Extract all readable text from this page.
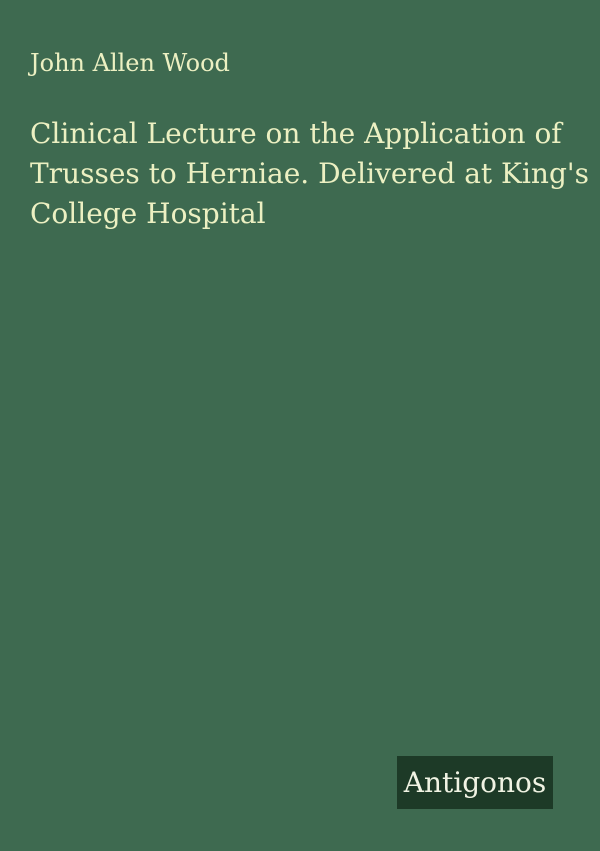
John Allen Wood
Clinical Lecture on the Application of
Trusses to Herniae. Delivered at King's
College Hospital
Antigonos
